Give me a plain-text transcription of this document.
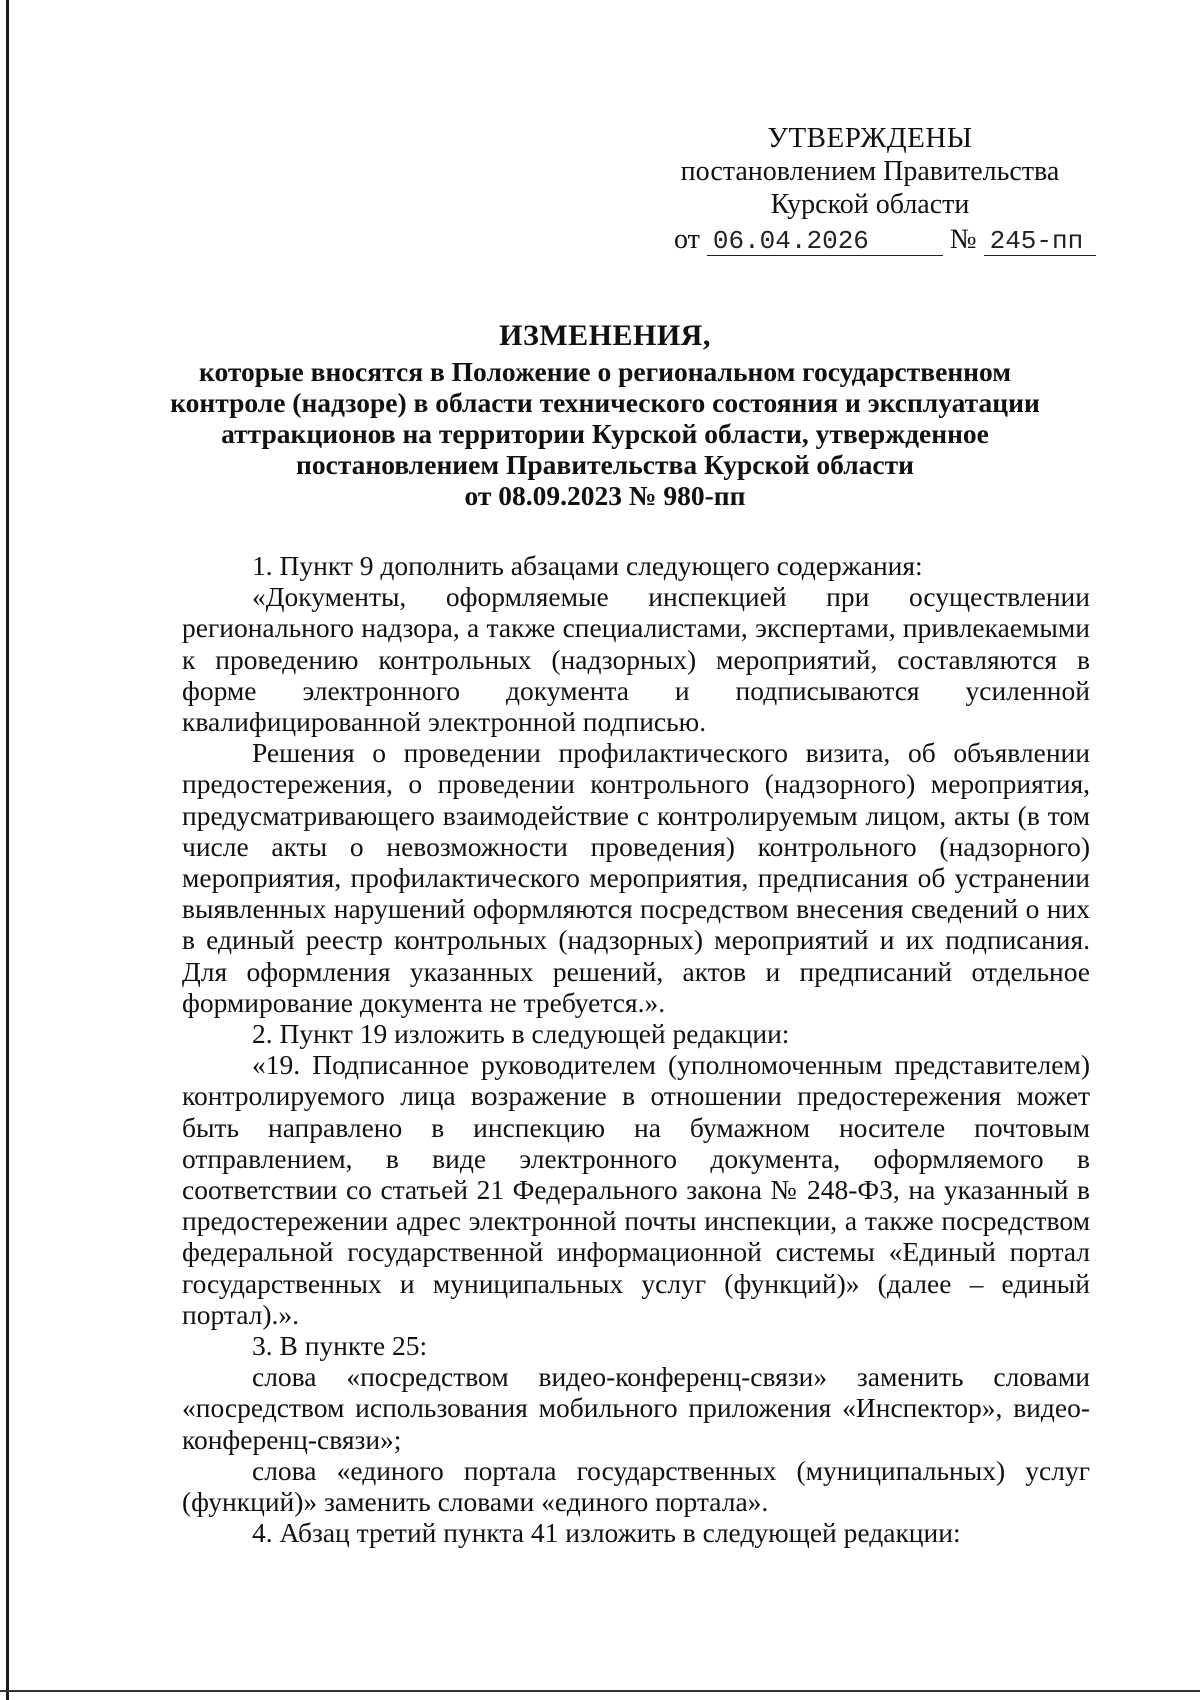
УТВЕРЖДЕНЫ
постановлением Правительства
Курской области
от 06.04.2026	№ 245-пп
ИЗМЕНЕНИЯ,
которые вносятся в Положение о региональном государственном контроле (надзоре) в области технического состояния и эксплуатации аттракционов на территории Курской области, утвержденное постановлением Правительства Курской области
от 08.09.2023 № 980-пп

1. Пункт 9 дополнить абзацами следующего содержания:

«Документы, оформляемые инспекцией при осуществлении регионального надзора, а также специалистами, экспертами, привлекаемыми к проведению контрольных (надзорных) мероприятий, составляются в форме электронного документа и подписываются усиленной квалифицированной электронной подписью.

Решения о проведении профилактического визита, об объявлении предостережения, о проведении контрольного (надзорного) мероприятия, предусматривающего взаимодействие с контролируемым лицом, акты (в том числе акты о невозможности проведения) контрольного (надзорного) мероприятия, профилактического мероприятия, предписания об устранении выявленных нарушений оформляются посредством внесения сведений о них в единый реестр контрольных (надзорных) мероприятий и их подписания. Для оформления указанных решений, актов и предписаний отдельное формирование документа не требуется.».

2. Пункт 19 изложить в следующей редакции:

«19. Подписанное руководителем (уполномоченным представителем) контролируемого лица возражение в отношении предостережения может быть направлено в инспекцию на бумажном носителе почтовым отправлением, в виде электронного документа, оформляемого в соответствии со статьей 21 Федерального закона № 248-ФЗ, на указанный в предостережении адрес электронной почты инспекции, а также посредством федеральной государственной информационной системы «Единый портал государственных и муниципальных услуг (функций)» (далее – единый портал).».

3. В пункте 25:

слова «посредством видео-конференц-связи» заменить словами «посредством использования мобильного приложения «Инспектор», видео-конференц-связи»;

слова «единого портала государственных (муниципальных) услуг (функций)» заменить словами «единого портала».

4. Абзац третий пункта 41 изложить в следующей редакции:
